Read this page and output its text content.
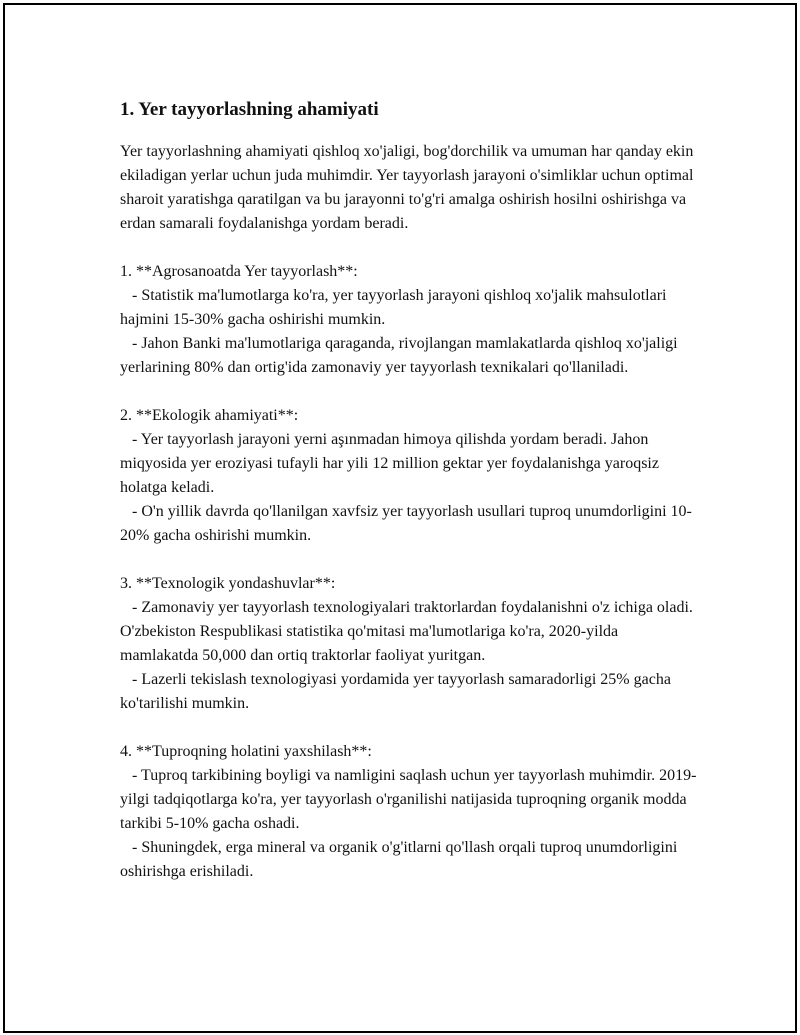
1. Yer tayyorlashning ahamiyati

Yer tayyorlashning ahamiyati qishloq xo'jaligi, bog'dorchilik va umuman har qanday ekin ekiladigan yerlar uchun juda muhimdir. Yer tayyorlash jarayoni o'simliklar uchun optimal sharoit yaratishga qaratilgan va bu jarayonni to'g'ri amalga oshirish hosilni oshirishga va erdan samarali foydalanishga yordam beradi.

1. **Agrosanoatda Yer tayyorlash**:

- Statistik ma'lumotlarga ko'ra, yer tayyorlash jarayoni qishloq xo'jalik mahsulotlari hajmini 15-30% gacha oshirishi mumkin.

- Jahon Banki ma'lumotlariga qaraganda, rivojlangan mamlakatlarda qishloq xo'jaligi yerlarining 80% dan ortig'ida zamonaviy yer tayyorlash texnikalari qo'llaniladi.

2. **Ekologik ahamiyati**:

- Yer tayyorlash jarayoni yerni aşınmadan himoya qilishda yordam beradi. Jahon miqyosida yer eroziyasi tufayli har yili 12 million gektar yer foydalanishga yaroqsiz holatga keladi.

- O'n yillik davrda qo'llanilgan xavfsiz yer tayyorlash usullari tuproq unumdorligini 10-20% gacha oshirishi mumkin.

3. **Texnologik yondashuvlar**:

- Zamonaviy yer tayyorlash texnologiyalari traktorlardan foydalanishni o'z ichiga oladi. O'zbekiston Respublikasi statistika qo'mitasi ma'lumotlariga ko'ra, 2020-yilda mamlakatda 50,000 dan ortiq traktorlar faoliyat yuritgan.

- Lazerli tekislash texnologiyasi yordamida yer tayyorlash samaradorligi 25% gacha ko'tarilishi mumkin.

4. **Tuproqning holatini yaxshilash**:

- Tuproq tarkibining boyligi va namligini saqlash uchun yer tayyorlash muhimdir. 2019-yilgi tadqiqotlarga ko'ra, yer tayyorlash o'rganilishi natijasida tuproqning organik modda tarkibi 5-10% gacha oshadi.

- Shuningdek, erga mineral va organik o'g'itlarni qo'llash orqali tuproq unumdorligini oshirishga erishiladi.
